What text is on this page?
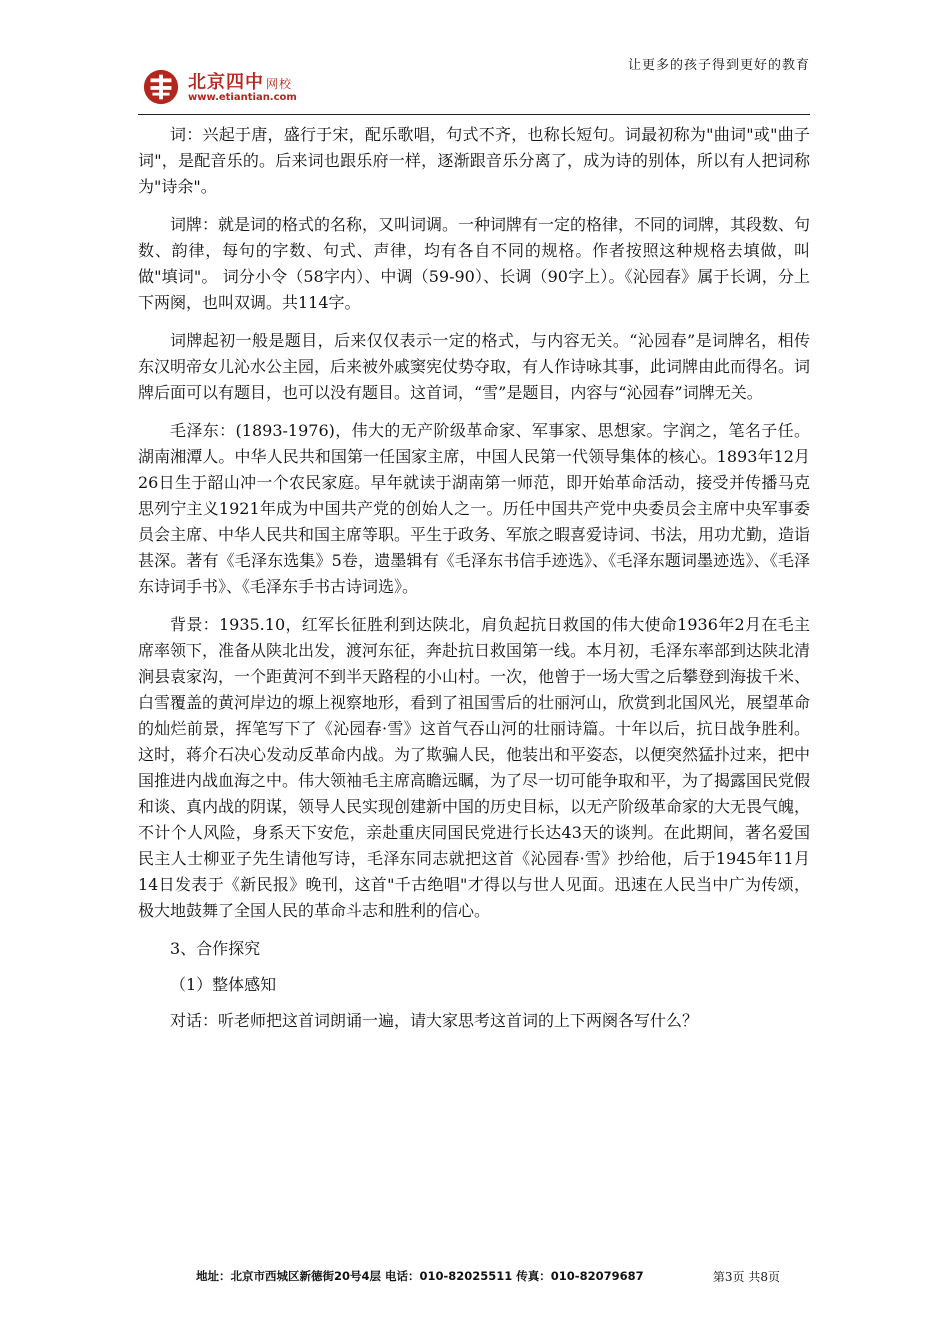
北京四中 网校
www.etiantian.com
让更多的孩子得到更好的教育

词：兴起于唐，盛行于宋，配乐歌唱，句式不齐，也称长短句。词最初称为"曲词"或"曲子词"，是配音乐的。后来词也跟乐府一样，逐渐跟音乐分离了，成为诗的别体，所以有人把词称为"诗余"。

词牌：就是词的格式的名称，又叫词调。一种词牌有一定的格律，不同的词牌，其段数、句数、韵律，每句的字数、句式、声律，均有各自不同的规格。作者按照这种规格去填做，叫做"填词"。 词分小令（58字内）、中调（59-90）、长调（90字上）。《沁园春》属于长调，分上下两阕，也叫双调。共114字。

词牌起初一般是题目，后来仅仅表示一定的格式，与内容无关。“沁园春”是词牌名，相传东汉明帝女儿沁水公主园，后来被外戚窦宪仗势夺取，有人作诗咏其事，此词牌由此而得名。词牌后面可以有题目，也可以没有题目。这首词，“雪”是题目，内容与“沁园春”词牌无关。

毛泽东：(1893-1976)，伟大的无产阶级革命家、军事家、思想家。字润之，笔名子任。湖南湘潭人。中华人民共和国第一任国家主席，中国人民第一代领导集体的核心。1893年12月26日生于韶山冲一个农民家庭。早年就读于湖南第一师范，即开始革命活动，接受并传播马克思列宁主义1921年成为中国共产党的创始人之一。历任中国共产党中央委员会主席中央军事委员会主席、中华人民共和国主席等职。平生于政务、军旅之暇喜爱诗词、书法，用功尤勤，造诣甚深。著有《毛泽东选集》5卷，遗墨辑有《毛泽东书信手迹选》、《毛泽东题词墨迹选》、《毛泽东诗词手书》、《毛泽东手书古诗词选》。

背景：1935.10，红军长征胜利到达陕北，肩负起抗日救国的伟大使命1936年2月在毛主席率领下，准备从陕北出发，渡河东征，奔赴抗日救国第一线。本月初，毛泽东率部到达陕北清涧县袁家沟，一个距黄河不到半天路程的小山村。一次，他曾于一场大雪之后攀登到海拔千米、白雪覆盖的黄河岸边的塬上视察地形，看到了祖国雪后的壮丽河山，欣赏到北国风光，展望革命的灿烂前景，挥笔写下了《沁园春·雪》这首气吞山河的壮丽诗篇。十年以后，抗日战争胜利。这时，蒋介石决心发动反革命内战。为了欺骗人民，他装出和平姿态，以便突然猛扑过来，把中国推进内战血海之中。伟大领袖毛主席高瞻远瞩，为了尽一切可能争取和平，为了揭露国民党假和谈、真内战的阴谋，领导人民实现创建新中国的历史目标，以无产阶级革命家的大无畏气魄，不计个人风险，身系天下安危，亲赴重庆同国民党进行长达43天的谈判。在此期间，著名爱国民主人士柳亚子先生请他写诗，毛泽东同志就把这首《沁园春·雪》抄给他，后于1945年11月14日发表于《新民报》晚刊，这首"千古绝唱"才得以与世人见面。迅速在人民当中广为传颂，极大地鼓舞了全国人民的革命斗志和胜利的信心。

3、合作探究

（1）整体感知

对话：听老师把这首词朗诵一遍，请大家思考这首词的上下两阕各写什么？

地址：北京市西城区新德街20号4层 电话：010-82025511 传真：010-82079687	第3页 共8页
